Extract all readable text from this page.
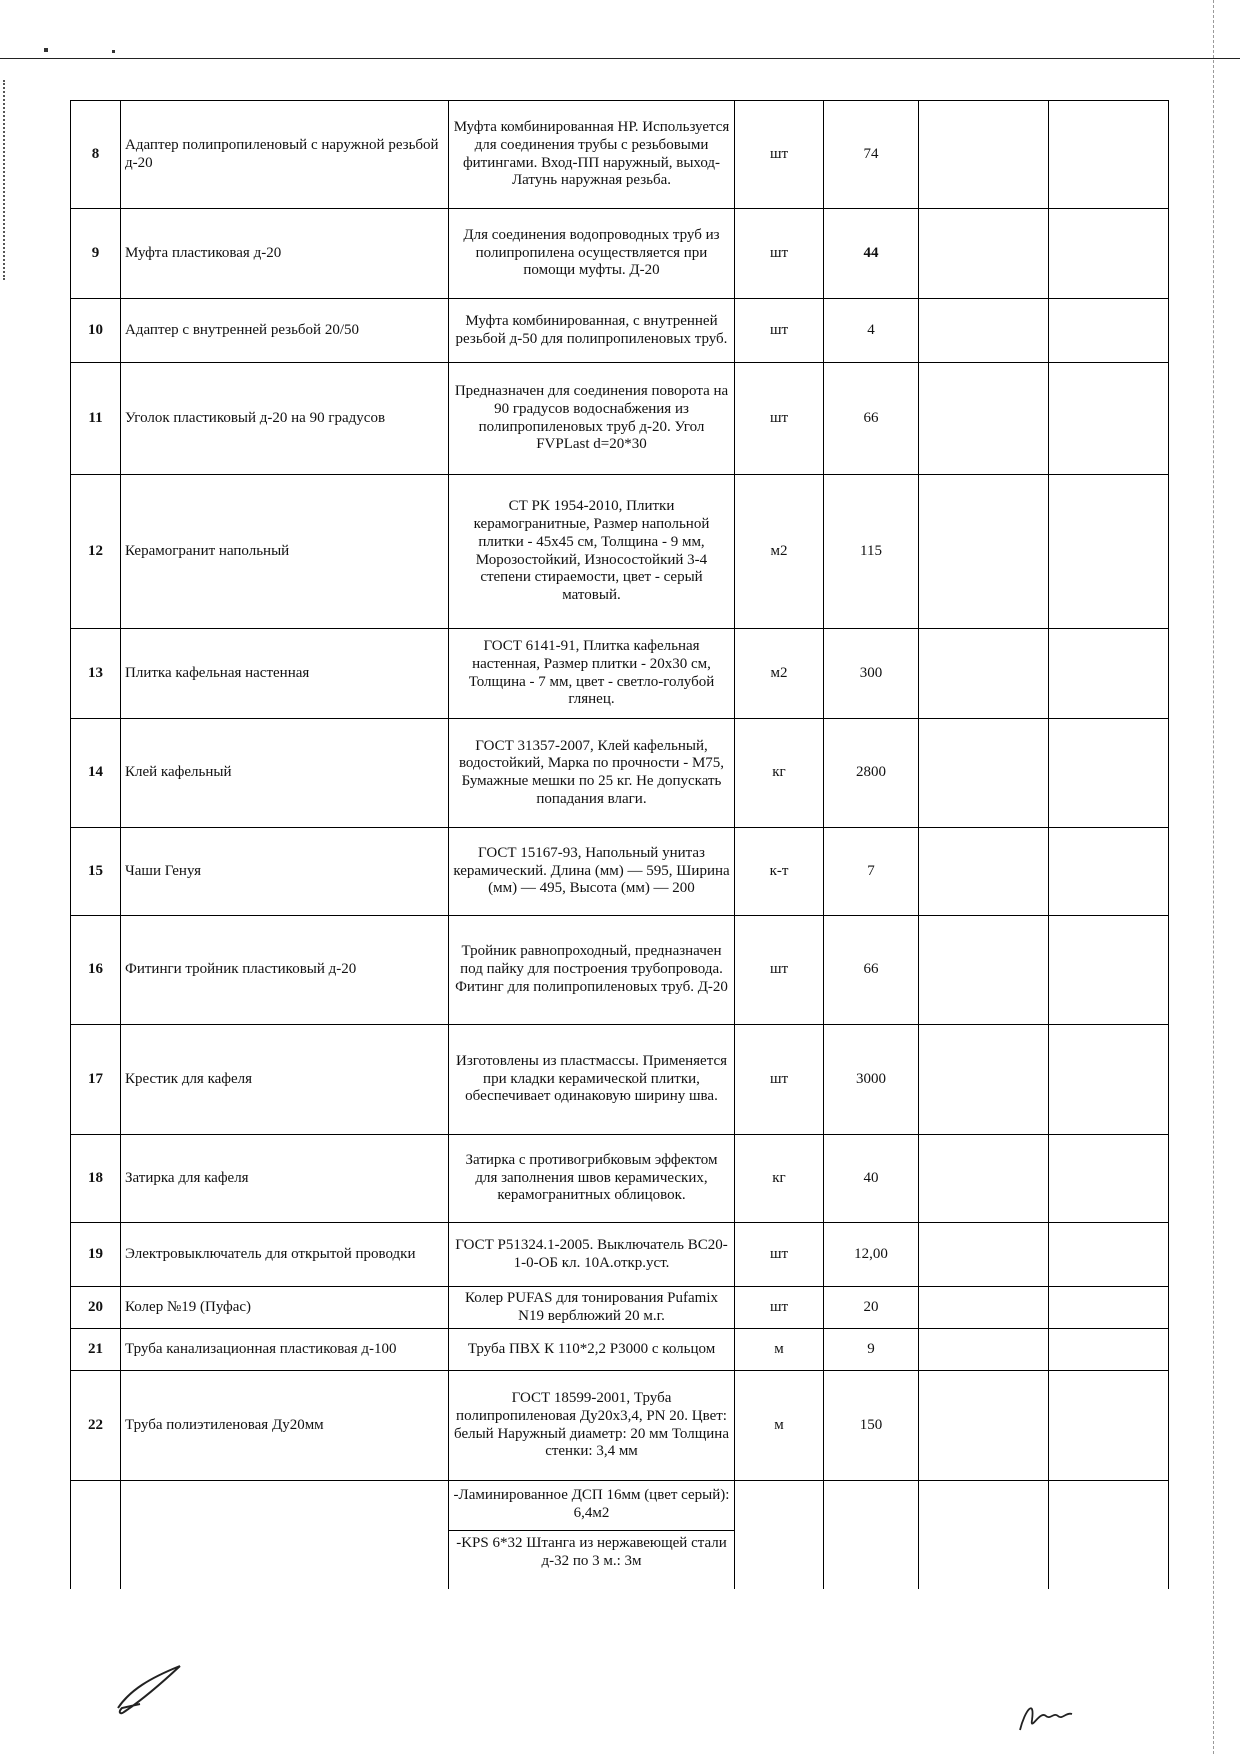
8	Адаптер полипропиленовый с наружной резьбой д-20	Муфта комбинированная НР. Используется для соединения трубы с резьбовыми фитингами. Вход-ПП наружный, выход-Латунь наружная резьба.	шт	74		
9	Муфта пластиковая д-20	Для соединения водопроводных труб из полипропилена осуществляется при помощи муфты. Д-20	шт	44		
10	Адаптер с внутренней резьбой 20/50	Муфта комбинированная, с внутренней резьбой д-50 для полипропиленовых труб.	шт	4		
11	Уголок пластиковый д-20 на 90 градусов	Предназначен для соединения поворота на 90 градусов водоснабжения из полипропиленовых труб д-20. Угол FVPLast d=20*30	шт	66		
12	Керамогранит напольный	СТ РК 1954-2010, Плитки керамогранитные, Размер напольной плитки - 45х45 см, Толщина - 9 мм, Морозостойкий, Износостойкий 3-4 степени стираемости, цвет - серый матовый.	м2	115		
13	Плитка кафельная настенная	ГОСТ 6141-91, Плитка кафельная настенная, Размер плитки - 20х30 см, Толщина - 7 мм, цвет - светло-голубой глянец.	м2	300		
14	Клей кафельный	ГОСТ 31357-2007, Клей кафельный, водостойкий, Марка по прочности - М75, Бумажные мешки по 25 кг. Не допускать попадания влаги.	кг	2800		
15	Чаши Генуя	ГОСТ 15167-93, Напольный унитаз керамический. Длина (мм) — 595, Ширина (мм) — 495, Высота (мм) — 200	к-т	7		
16	Фитинги тройник пластиковый д-20	Тройник равнопроходный, предназначен под пайку для построения трубопровода. Фитинг для полипропиленовых труб. Д-20	шт	66		
17	Крестик для кафеля	Изготовлены из пластмассы. Применяется при кладки керамической плитки, обеспечивает одинаковую ширину шва.	шт	3000		
18	Затирка для кафеля	Затирка с противогрибковым эффектом для заполнения швов керамических, керамогранитных облицовок.	кг	40		
19	Электровыключатель для открытой проводки	ГОСТ Р51324.1-2005. Выключатель ВС20-1-0-ОБ кл. 10А.откр.уст.	шт	12,00		
20	Колер №19 (Пуфас)	Колер PUFAS для тонирования Pufamix N19 верблюжий 20 м.г.	шт	20		
21	Труба канализационная пластиковая д-100	Труба ПВХ К 110*2,2 Р3000 с кольцом	м	9		
22	Труба полиэтиленовая Ду20мм	ГОСТ 18599-2001, Труба полипропиленовая Ду20х3,4, PN 20. Цвет: белый Наружный диаметр: 20 мм Толщина стенки: 3,4 мм	м	150		

		-Ламинированное ДСП 16мм (цвет серый): 6,4м2
-KPS 6*32 Штанга из нержавеющей стали д-32 по 3 м.: 3м				
